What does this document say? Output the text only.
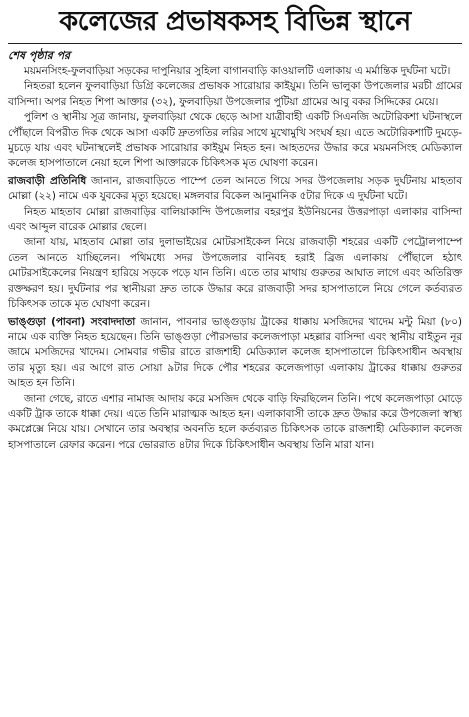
কলেজের প্রভাষকসহ বিভিন্ন স্থানে
শেষ পৃষ্ঠার পর

ময়মনসিংহ-ফুলবাড়িয়া সড়কের দাপুনিয়ার সুহিলা বাগানবাড়ি কাওয়ালটি এলাকায় এ মর্মান্তিক দুর্ঘটনা ঘটে।

নিহতরা হলেন ফুলবাড়িয়া ডিগ্রি কলেজের প্রভাষক সারোয়ার কাইয়ুম। তিনি ভালুকা উপজেলার মরচী গ্রামের বাসিন্দা। অপর নিহত শিপা আক্তার (৩২), ফুলবাড়িয়া উপজেলার পুটিয়া গ্রামের আবু বকর সিদ্দিকের মেয়ে।

পুলিশ ও স্থানীয় সূত্র জানায়, ফুলবাড়িয়া থেকে ছেড়ে আসা যাত্রীবাহী একটি সিএনজি অটোরিকশা ঘটনাস্থলে পৌঁছালে বিপরীত দিক থেকে আসা একটি দ্রুতগতির লরির সাথে মুখোমুখি সংঘর্ষ হয়। এতে অটোরিকশাটি দুমড়ে-মুচড়ে যায় এবং ঘটনাস্থলেই প্রভাষক সারোয়ার কাইয়ুম নিহত হন। আহতদের উদ্ধার করে ময়মনসিংহ মেডিক্যাল কলেজ হাসপাতালে নেয়া হলে শিপা আক্তারকে চিকিৎসক মৃত ঘোষণা করেন।

রাজবাড়ী প্রতিনিধি জানান, রাজবাড়িতে পাম্পে তেল আনতে গিয়ে সদর উপজেলায় সড়ক দুর্ঘটনায় মাহতাব মোল্লা (২২) নামে এক যুবকের মৃত্যু হয়েছে। মঙ্গলবার বিকেল আনুমানিক ৫টার দিকে এ দুর্ঘটনা ঘটে।

নিহত মাহতাব মোল্লা রাজবাড়ির বালিয়াকান্দি উপজেলার বহরপুর ইউনিয়নের উত্তরপাড়া এলাকার বাসিন্দা এবং আব্দুল বারেক মোল্লার ছেলে।

জানা যায়, মাহতাব মোল্লা তার দুলাভাইয়ের মোটরসাইকেল নিয়ে রাজবাড়ী শহরের একটি পেট্রোলপাম্পে তেল আনতে যাচ্ছিলেন। পথিমধ্যে সদর উপজেলার বানিবহ হরাই ব্রিজ এলাকায় পৌঁছালে হঠাৎ মোটরসাইকেলের নিয়ন্ত্রণ হারিয়ে সড়কে পড়ে যান তিনি। এতে তার মাথায় গুরুতর আঘাত লাগে এবং অতিরিক্ত রক্তক্ষরণ হয়। দুর্ঘটনার পর স্থানীয়রা দ্রুত তাকে উদ্ধার করে রাজবাড়ী সদর হাসপাতালে নিয়ে গেলে কর্তব্যরত চিকিৎসক তাকে মৃত ঘোষণা করেন।

ভাঙ্গুড়া (পাবনা) সংবাদদাতা জানান, পাবনার ভাঙ্গুড়ায় ট্রাকের ধাক্কায় মসজিদের খাদেম মন্টু মিয়া (৮০) নামে এক ব্যক্তি নিহত হয়েছেন। তিনি ভাঙ্গুড়া পৌরসভার কলেজপাড়া মহল্লার বাসিন্দা এবং স্থানীয় বাইতুন নূর জামে মসজিদের খাদেম। সোমবার গভীর রাতে রাজশাহী মেডিক্যাল কলেজ হাসপাতালে চিকিৎসাধীন অবস্থায় তার মৃত্যু হয়। এর আগে রাত সোয়া ৯টার দিকে পৌর শহরের কলেজপাড়া এলাকায় ট্রাকের ধাক্কায় গুরুতর আহত হন তিনি।

জানা গেছে, রাতে এশার নামাজ আদায় করে মসজিদ থেকে বাড়ি ফিরছিলেন তিনি। পথে কলেজপাড়া মোড়ে একটি ট্রাক তাকে ধাক্কা দেয়। এতে তিনি মারাত্মক আহত হন। এলাকাবাসী তাকে দ্রুত উদ্ধার করে উপজেলা স্বাস্থ্য কমপ্লেক্সে নিয়ে যায়। সেখানে তার অবস্থার অবনতি হলে কর্তব্যরত চিকিৎসক তাকে রাজশাহী মেডিক্যাল কলেজ হাসপাতালে রেফার করেন। পরে ভোররাত ৪টার দিকে চিকিৎসাধীন অবস্থায় তিনি মারা যান।
